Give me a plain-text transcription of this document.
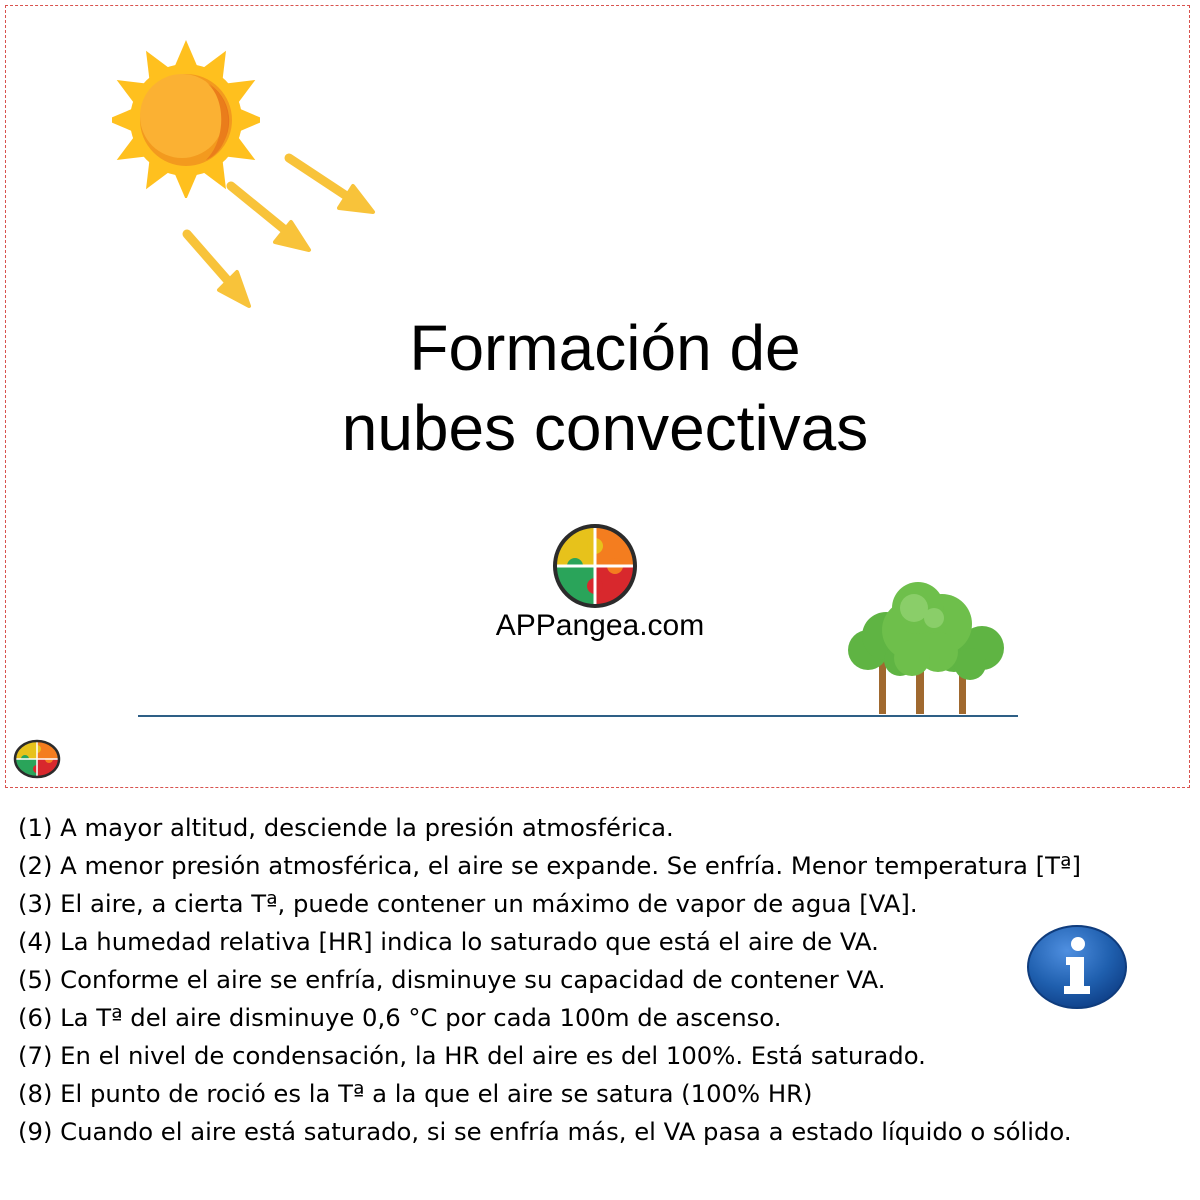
Formación de
nubes convectivas
APPangea.com
(1) A mayor altitud, desciende la presión atmosférica.
(2) A menor presión atmosférica, el aire se expande. Se enfría. Menor temperatura [Tª]
(3) El aire, a cierta Tª, puede contener un máximo de vapor de agua [VA].
(4) La humedad relativa [HR] indica lo saturado que está el aire de VA.
(5) Conforme el aire se enfría, disminuye su capacidad de contener VA.
(6) La Tª del aire disminuye 0,6 °C por cada 100m de ascenso.
(7) En el nivel de condensación, la HR del aire es del 100%. Está saturado.
(8) El punto de roció es la Tª a la que el aire se satura (100% HR)
(9) Cuando el aire está saturado, si se enfría más, el VA pasa a estado líquido o sólido.
